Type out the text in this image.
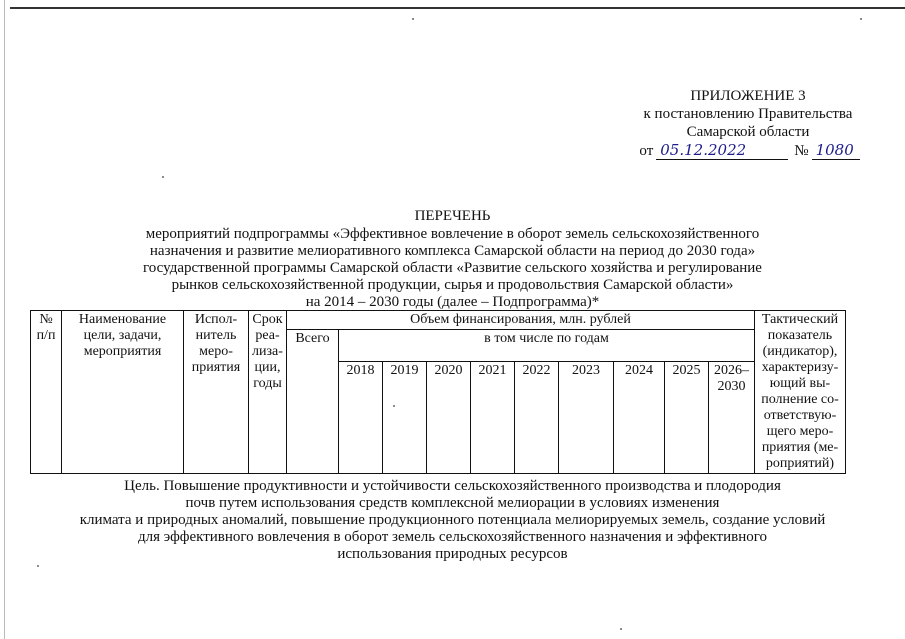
ПРИЛОЖЕНИЕ 3
к постановлению Правительства
Самарской области
от 05.12.2022	№ 1080
ПЕРЕЧЕНЬ
мероприятий подпрограммы «Эффективное вовлечение в оборот земель сельскохозяйственного
назначения и развитие мелиоративного комплекса Самарской области на период до 2030 года»
государственной программы Самарской области «Развитие сельского хозяйства и регулирование
рынков сельскохозяйственной продукции, сырья и продовольствия Самарской области»
на 2014 – 2030 годы (далее – Подпрограмма)*
№ п/п	Наименование цели, задачи, мероприятия	Испол-нитель меро-приятия	Срок реа-лиза-ции, годы	Объем финансирования, млн. рублей										Тактический показатель (индикатор), характеризу-ющий вы-полнение со-ответствую-щего меро-приятия (ме-роприятий)
				Всего	в том числе по годам									
					2018	2019	2020	2021	2022	2023	2024	2025	2026– 2030	
Цель. Повышение продуктивности и устойчивости сельскохозяйственного производства и плодородия
почв путем использования средств комплексной мелиорации в условиях изменения
климата и природных аномалий, повышение продукционного потенциала мелиорируемых земель, создание условий
для эффективного вовлечения в оборот земель сельскохозяйственного назначения и эффективного
использования природных ресурсов
